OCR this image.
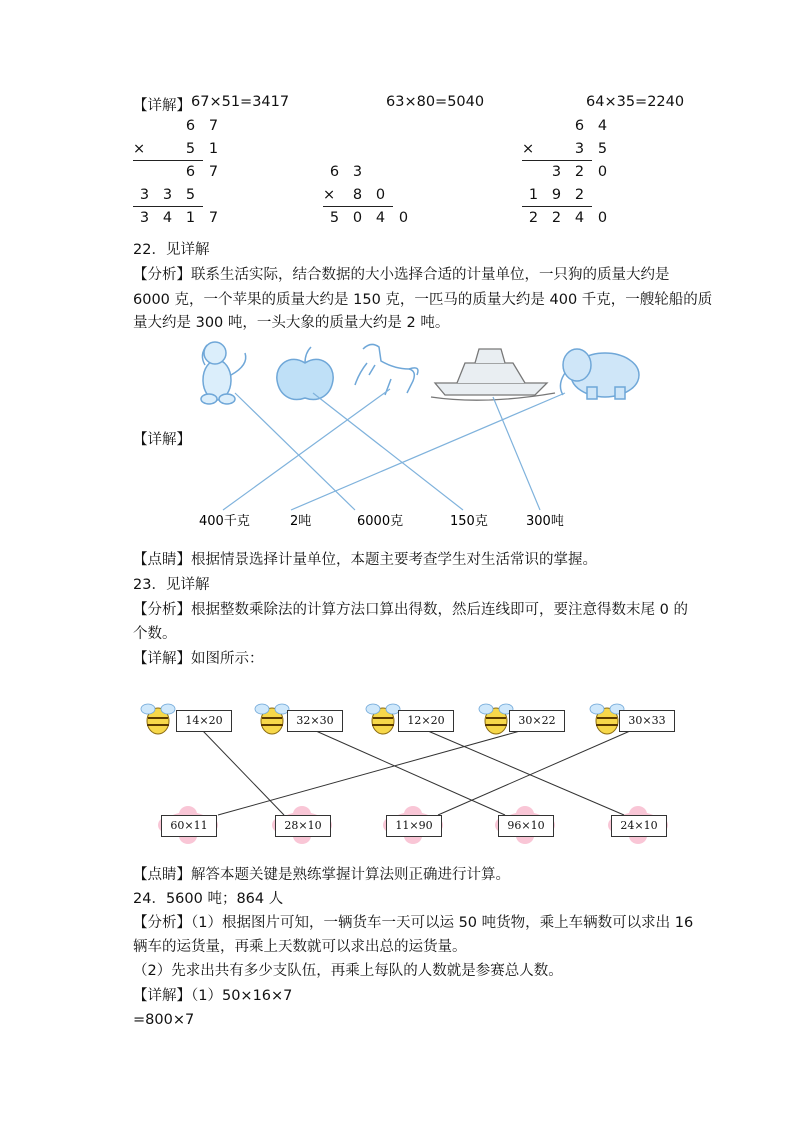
【详解】 67×51=3417	63×80=5040	64×35=2240
6 7
×	5 1
6 7
3 3 5
3 4 1 7
6 3
×	8 0
5 0 4 0
6 4
×	3 5
3 2 0
1 9 2
2 2 4 0
22．见详解
【分析】联系生活实际，结合数据的大小选择合适的计量单位，一只狗的质量大约是
6000 克，一个苹果的质量大约是 150 克，一匹马的质量大约是 400 千克，一艘轮船的质
量大约是 300 吨，一头大象的质量大约是 2 吨。
400千克	2吨	6000克	150克	300吨
【详解】
【点睛】根据情景选择计量单位，本题主要考查学生对生活常识的掌握。
23．见详解
【分析】根据整数乘除法的计算方法口算出得数，然后连线即可，要注意得数末尾 0 的
个数。
【详解】如图所示：
14×20	32×30	12×20	30×22	30×33
60×11	28×10	11×90	96×10	24×10
【点睛】解答本题关键是熟练掌握计算法则正确进行计算。
24．5600 吨；864 人
【分析】（1）根据图片可知，一辆货车一天可以运 50 吨货物，乘上车辆数可以求出 16
辆车的运货量，再乘上天数就可以求出总的运货量。
（2）先求出共有多少支队伍，再乘上每队的人数就是参赛总人数。
【详解】（1）50×16×7
=800×7
